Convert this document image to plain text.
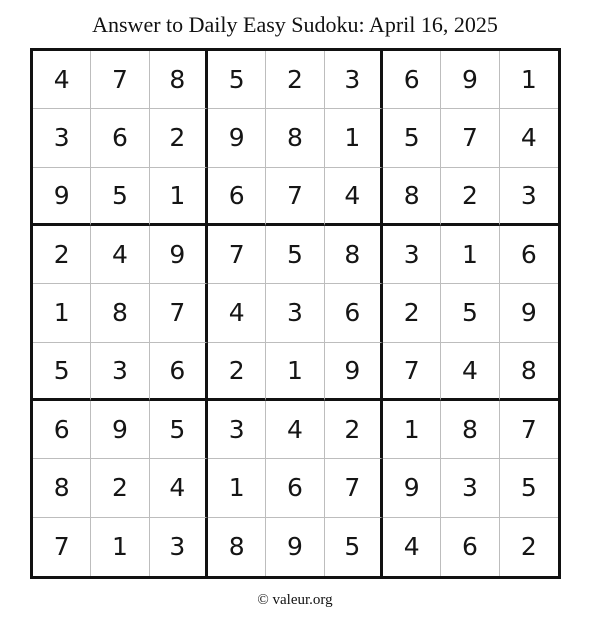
Answer to Daily Easy Sudoku: April 16, 2025
4	7	8	5	2	3	6	9	1
3	6	2	9	8	1	5	7	4
9	5	1	6	7	4	8	2	3
2	4	9	7	5	8	3	1	6
1	8	7	4	3	6	2	5	9
5	3	6	2	1	9	7	4	8
6	9	5	3	4	2	1	8	7
8	2	4	1	6	7	9	3	5
7	1	3	8	9	5	4	6	2
© valeur.org
